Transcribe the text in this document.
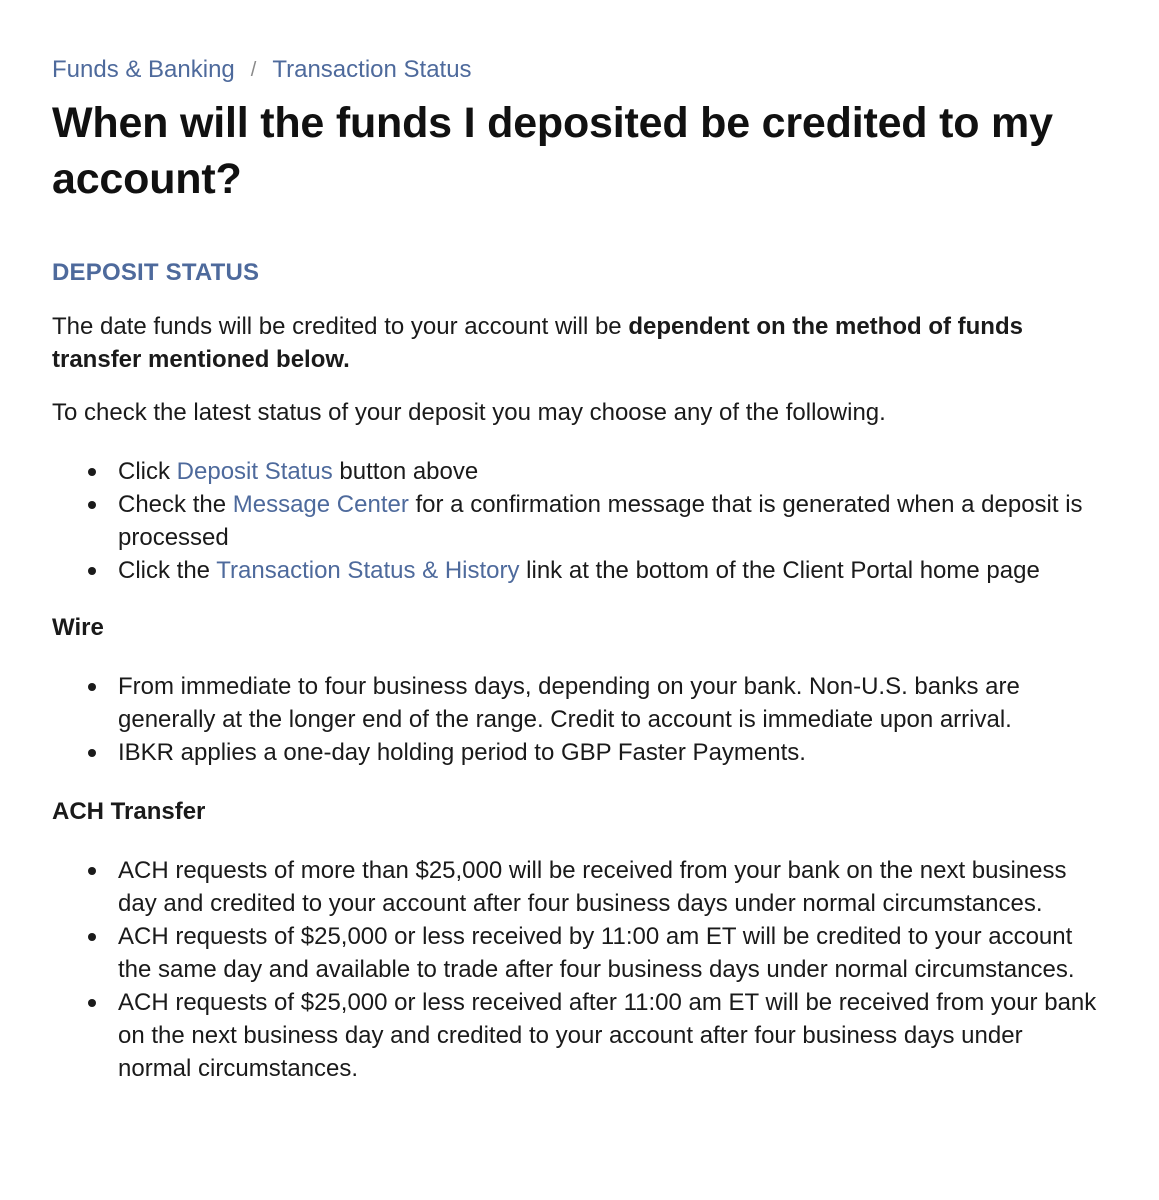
Funds & Banking / Transaction Status
When will the funds I deposited be credited to my account?
DEPOSIT STATUS

The date funds will be credited to your account will be dependent on the method of funds transfer mentioned below.

To check the latest status of your deposit you may choose any of the following.

Click Deposit Status button above
Check the Message Center for a confirmation message that is generated when a deposit is processed
Click the Transaction Status & History link at the bottom of the Client Portal home page
Wire
From immediate to four business days, depending on your bank. Non-U.S. banks are generally at the longer end of the range. Credit to account is immediate upon arrival.
IBKR applies a one-day holding period to GBP Faster Payments.
ACH Transfer
ACH requests of more than $25,000 will be received from your bank on the next business day and credited to your account after four business days under normal circumstances.
ACH requests of $25,000 or less received by 11:00 am ET will be credited to your account the same day and available to trade after four business days under normal circumstances.
ACH requests of $25,000 or less received after 11:00 am ET will be received from your bank on the next business day and credited to your account after four business days under normal circumstances.
